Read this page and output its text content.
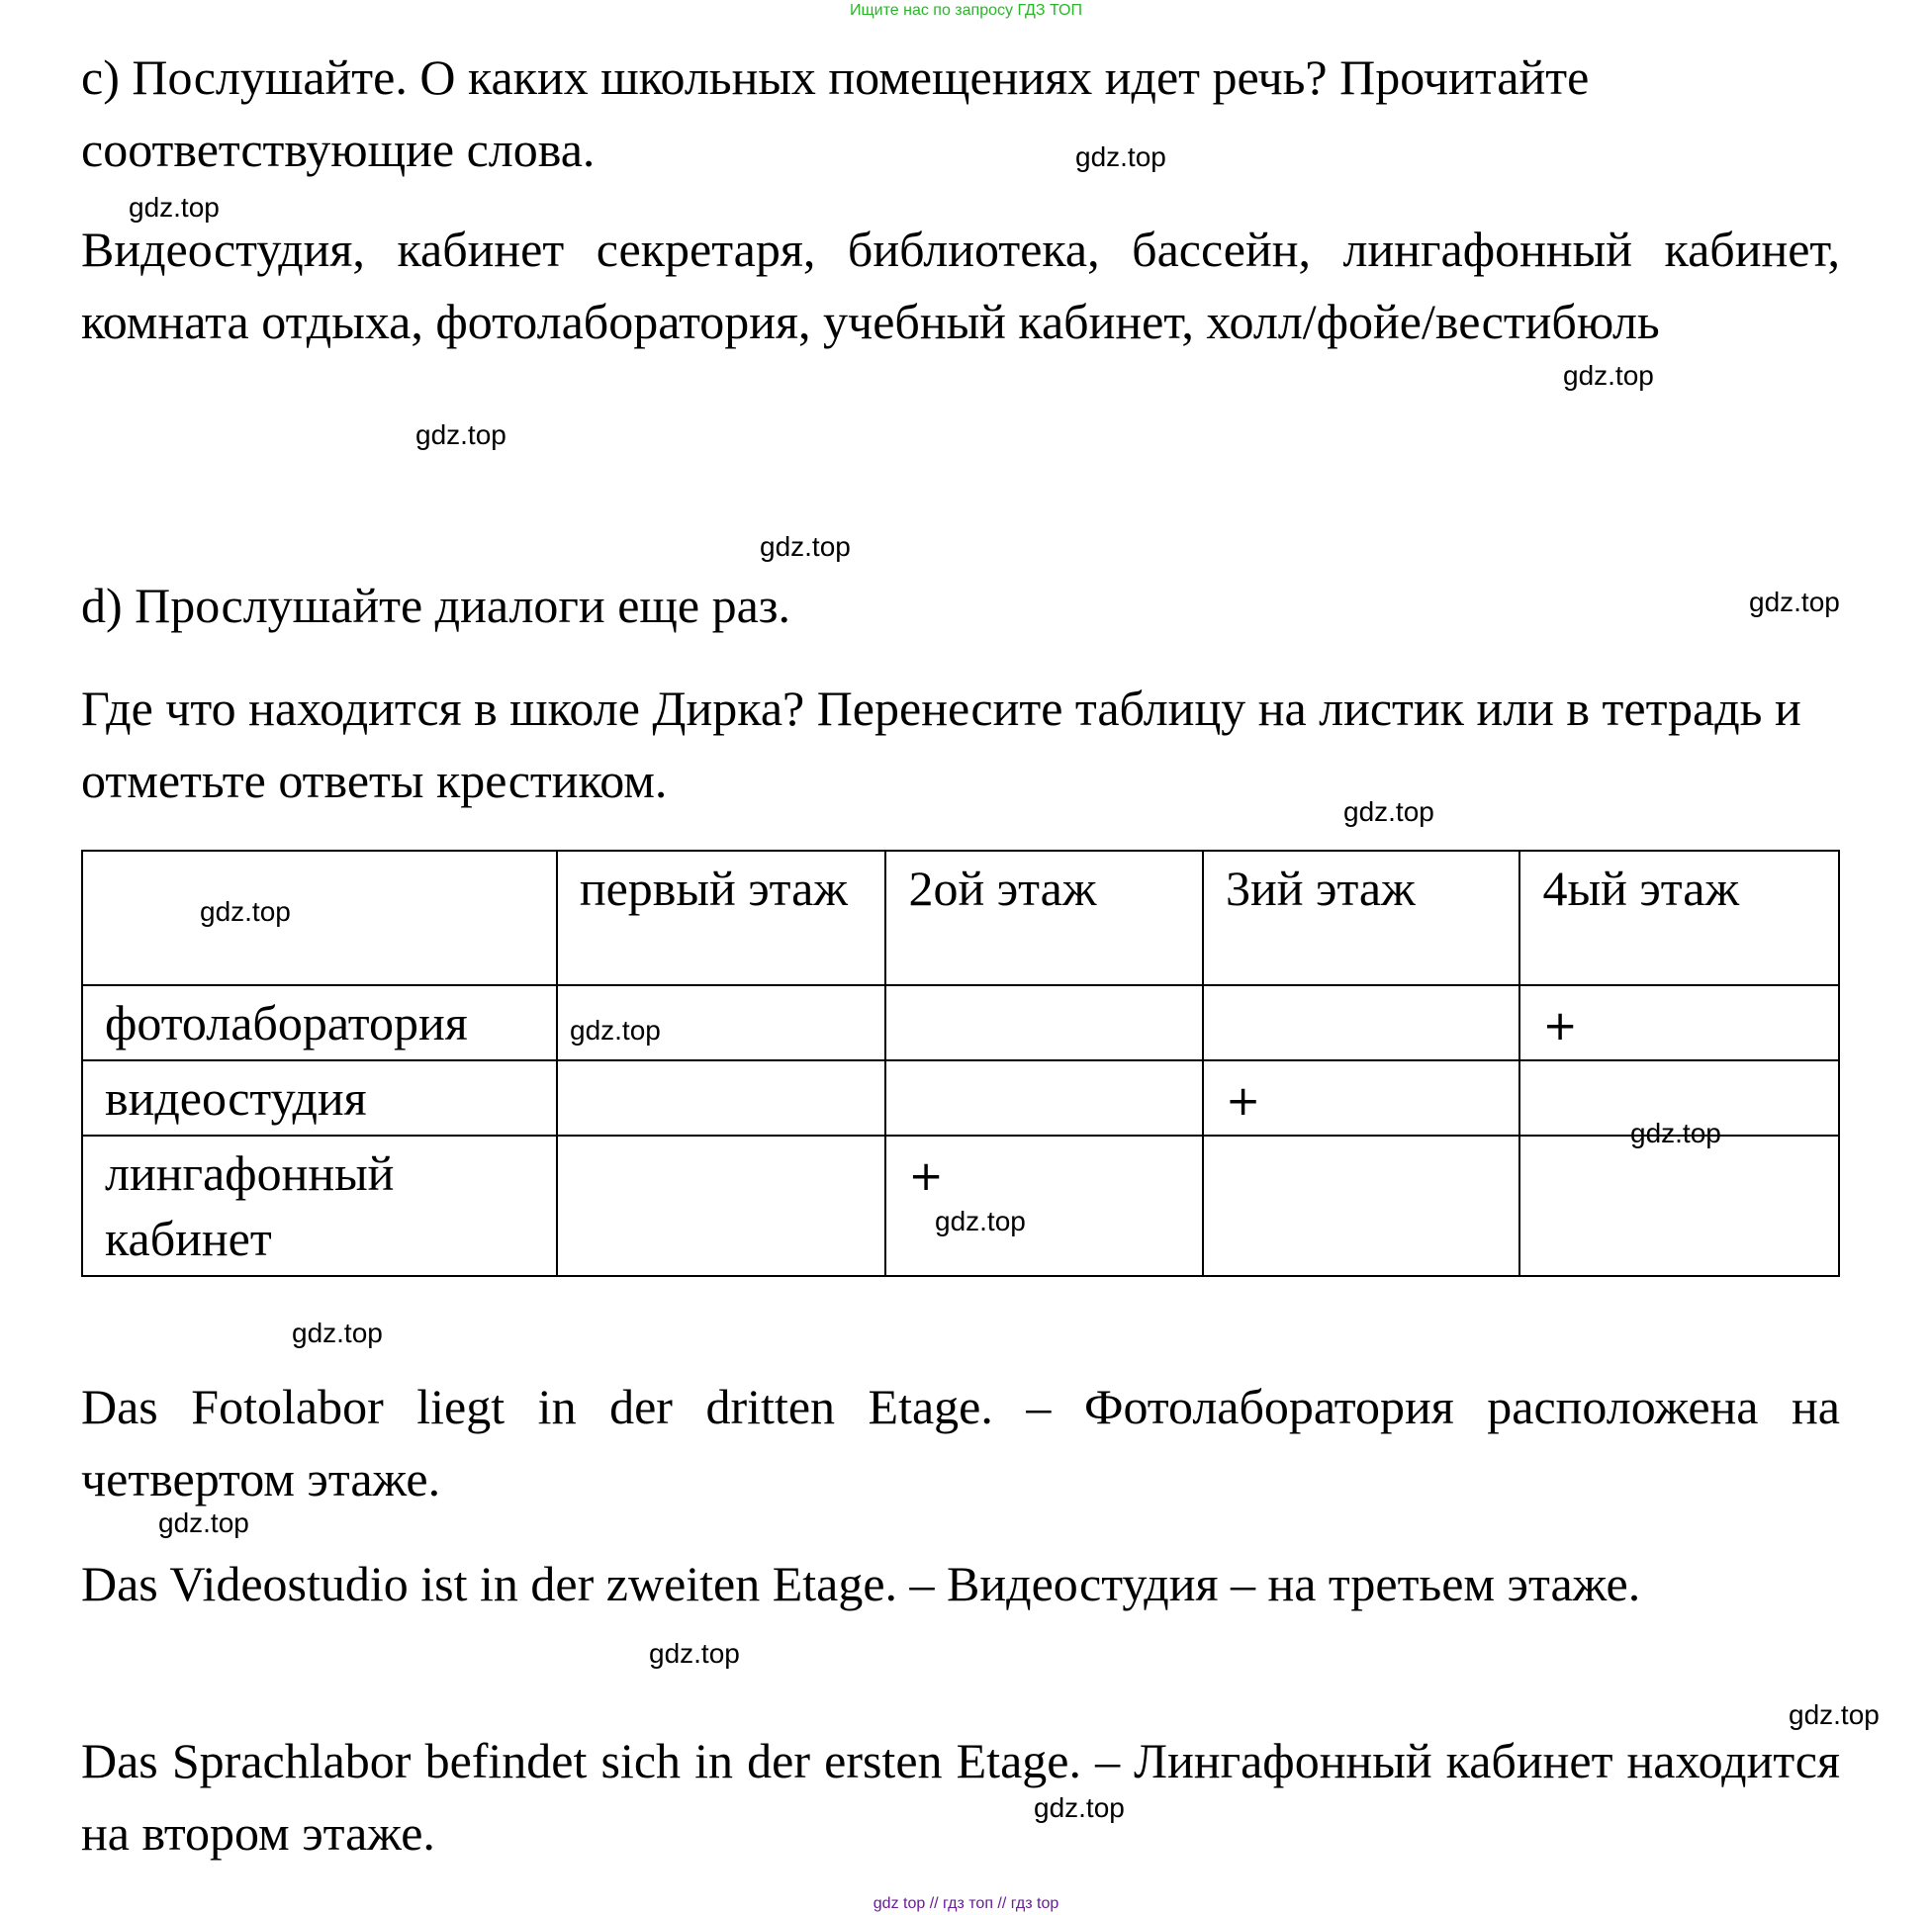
Ищите нас по запросу ГДЗ ТОП

c) Послушайте. О каких школьных помещениях идет речь? Прочитайте соответствующие слова.

Видеостудия, кабинет секретаря, библиотека, бассейн, лингафонный кабинет, комната отдыха, фотолаборатория, учебный кабинет, холл/фойе/вестибюль

d) Прослушайте диалоги еще раз.

Где что находится в школе Дирка? Перенесите таблицу на листик или в тетрадь и отметьте ответы крестиком.

	первый этаж	2ой этаж	3ий этаж	4ый этаж
фотолаборатория				+
видеостудия			+	
лингафонный кабинет		+		

Das Fotolabor liegt in der dritten Etage. – Фотолаборатория расположена на четвертом этаже.

Das Videostudio ist in der zweiten Etage. – Видеостудия – на третьем этаже.

Das Sprachlabor befindet sich in der ersten Etage. – Лингафонный кабинет находится на втором этаже.

gdz.top
gdz.top
gdz.top
gdz.top
gdz.top
gdz.top
gdz.top
gdz.top
gdz.top
gdz.top
gdz.top
gdz.top
gdz.top
gdz.top
gdz.top
gdz.top
gdz top // гдз топ // гдз top
